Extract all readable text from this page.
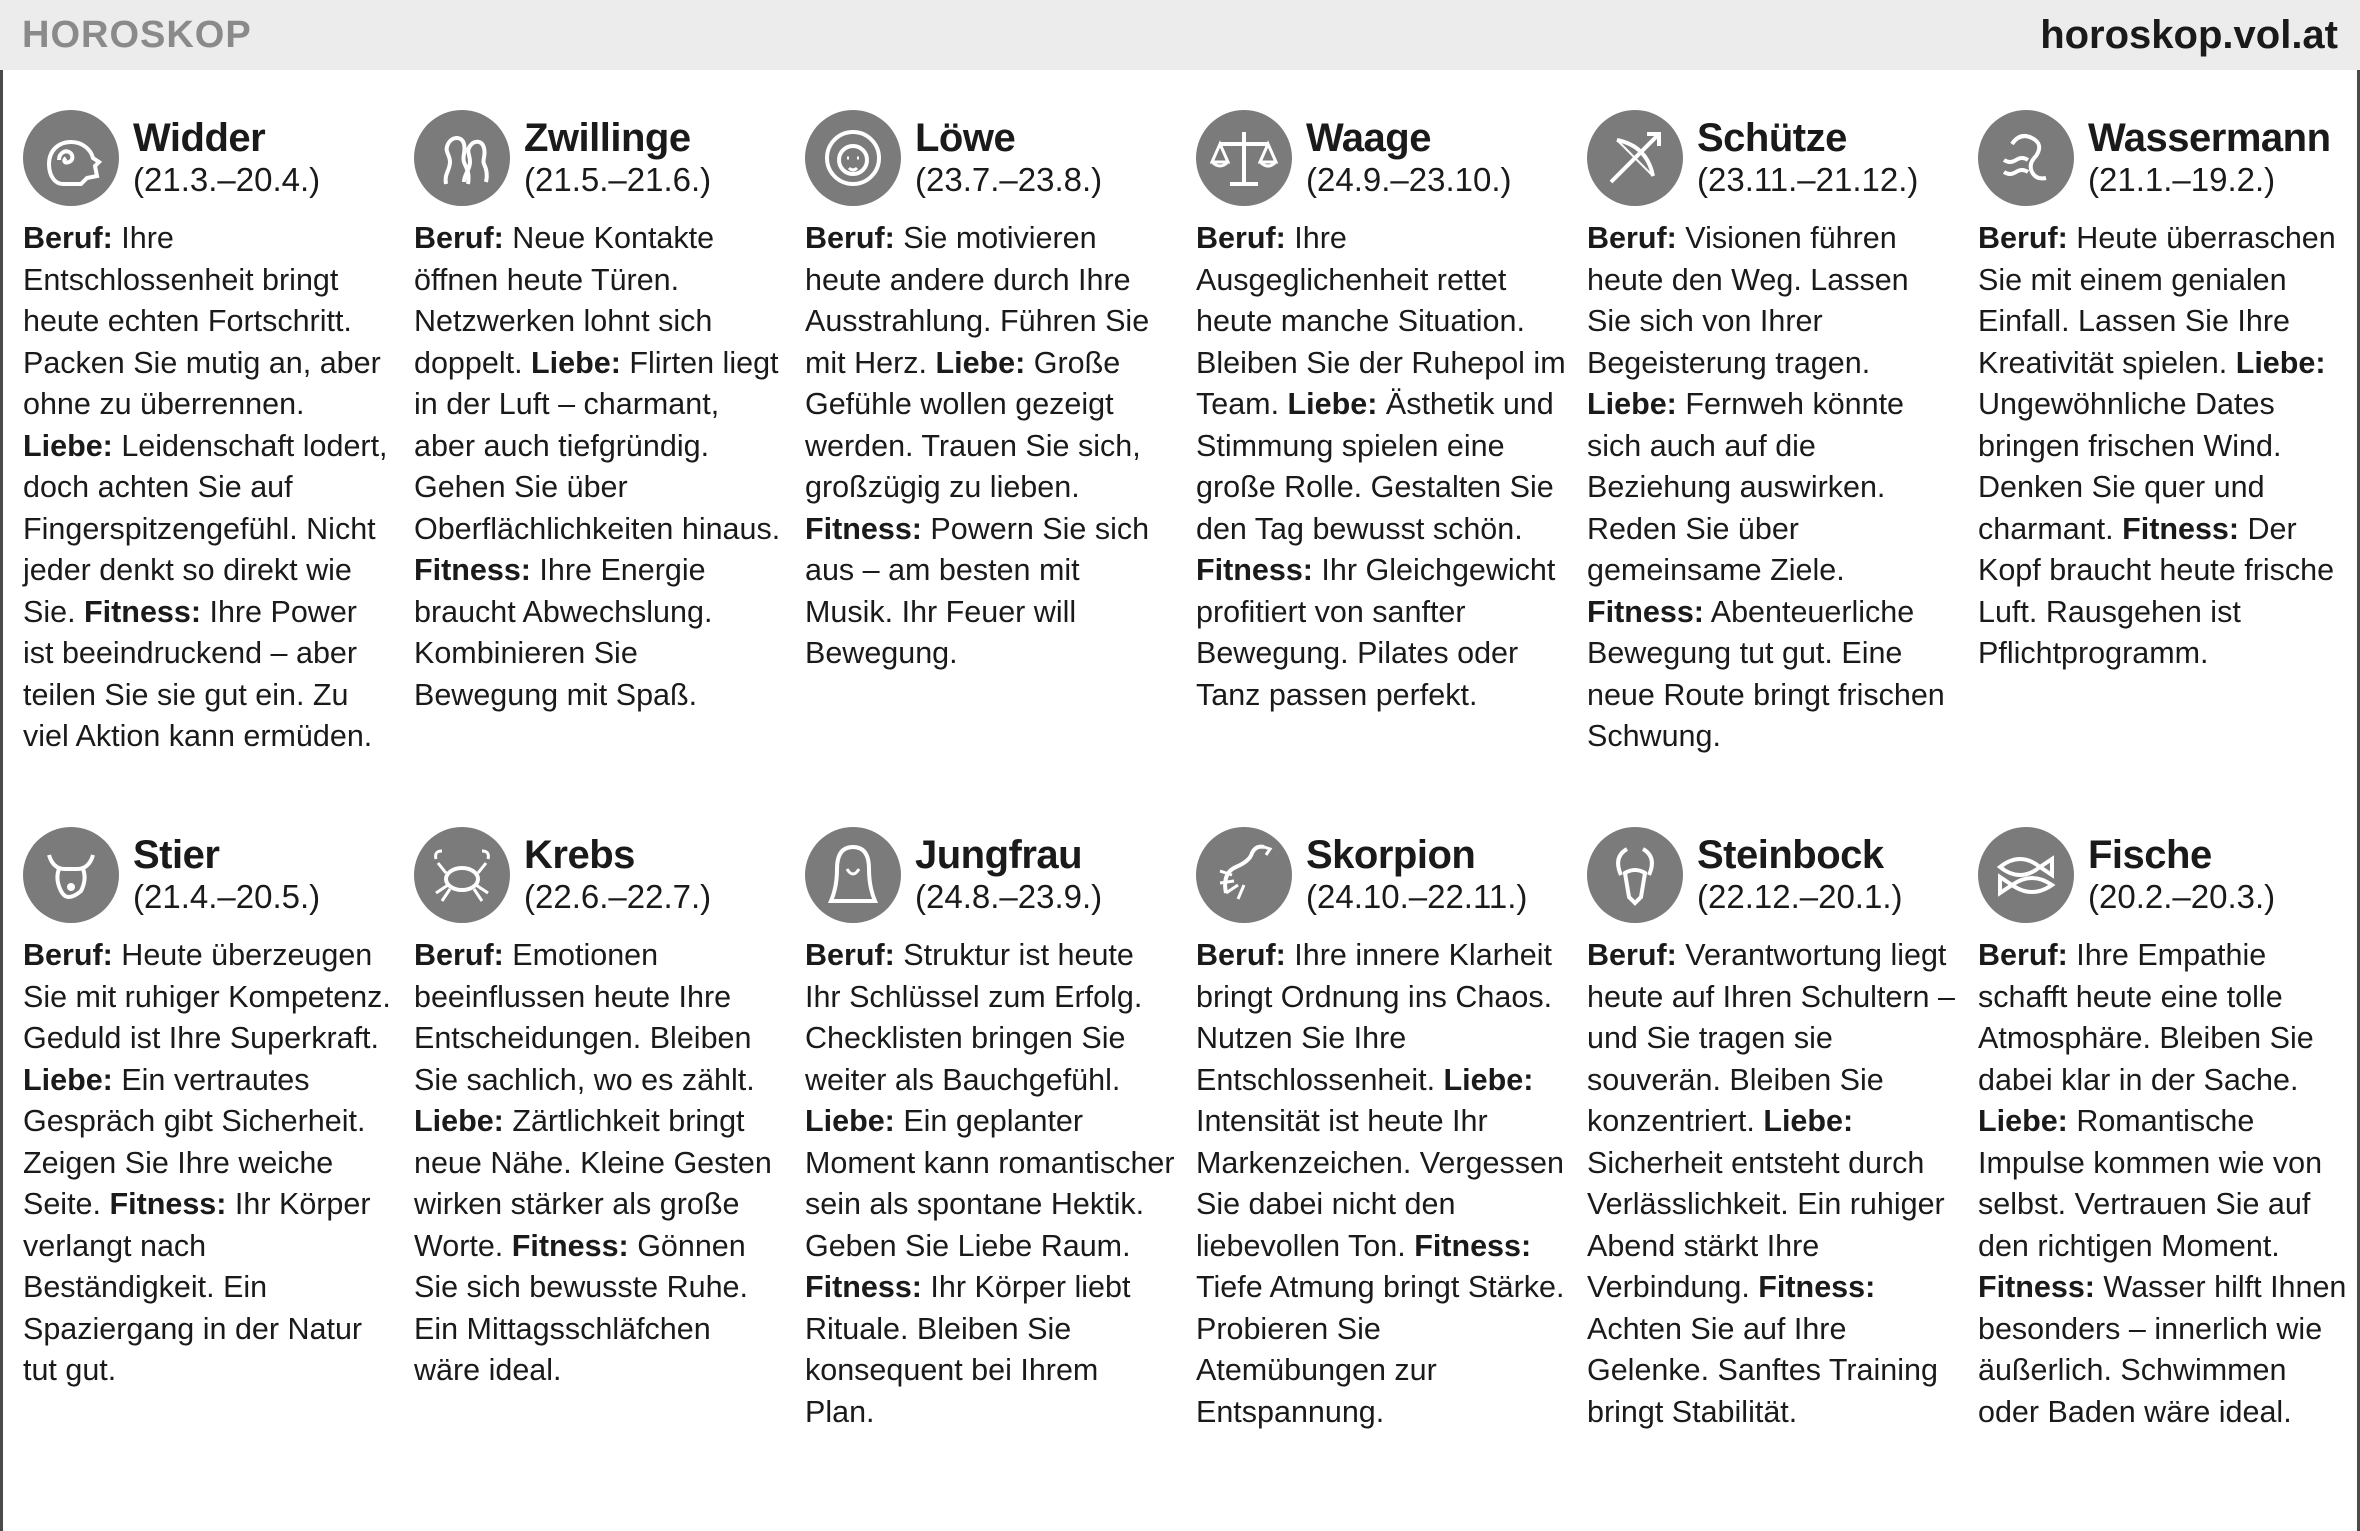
HOROSKOP	horoskop.vol.at
Widder
(21.3.–20.4.)

Beruf: Ihre Entschlossenheit bringt heute echten Fortschritt. Packen Sie mutig an, aber ohne zu überrennen. Liebe: Leidenschaft lodert, doch achten Sie auf Fingerspitzengefühl. Nicht jeder denkt so direkt wie Sie. Fitness: Ihre Power ist beeindruckend – aber teilen Sie sie gut ein. Zu viel Aktion kann ermüden.

Zwillinge
(21.5.–21.6.)

Beruf: Neue Kontakte öffnen heute Türen. Netzwerken lohnt sich doppelt. Liebe: Flirten liegt in der Luft – charmant, aber auch tiefgründig. Gehen Sie über Oberflächlichkeiten hinaus. Fitness: Ihre Energie braucht Abwechslung. Kombinieren Sie Bewegung mit Spaß.

Löwe
(23.7.–23.8.)

Beruf: Sie motivieren heute andere durch Ihre Ausstrahlung. Führen Sie mit Herz. Liebe: Große Gefühle wollen gezeigt werden. Trauen Sie sich, großzügig zu lieben. Fitness: Powern Sie sich aus – am besten mit Musik. Ihr Feuer will Bewegung.

Waage
(24.9.–23.10.)

Beruf: Ihre Ausgeglichenheit rettet heute manche Situation. Bleiben Sie der Ruhepol im Team. Liebe: Ästhetik und Stimmung spielen eine große Rolle. Gestalten Sie den Tag bewusst schön. Fitness: Ihr Gleichgewicht profitiert von sanfter Bewegung. Pilates oder Tanz passen perfekt.

Schütze
(23.11.–21.12.)

Beruf: Visionen führen heute den Weg. Lassen Sie sich von Ihrer Begeisterung tragen. Liebe: Fernweh könnte sich auch auf die Beziehung auswirken. Reden Sie über gemeinsame Ziele. Fitness: Abenteuerliche Bewegung tut gut. Eine neue Route bringt frischen Schwung.

Wassermann
(21.1.–19.2.)

Beruf: Heute überraschen Sie mit einem genialen Einfall. Lassen Sie Ihre Kreativität spielen. Liebe: Ungewöhnliche Dates bringen frischen Wind. Denken Sie quer und charmant. Fitness: Der Kopf braucht heute frische Luft. Rausgehen ist Pflichtprogramm.

Stier
(21.4.–20.5.)

Beruf: Heute überzeugen Sie mit ruhiger Kompetenz. Geduld ist Ihre Superkraft. Liebe: Ein vertrautes Gespräch gibt Sicherheit. Zeigen Sie Ihre weiche Seite. Fitness: Ihr Körper verlangt nach Beständigkeit. Ein Spaziergang in der Natur tut gut.

Krebs
(22.6.–22.7.)

Beruf: Emotionen beeinflussen heute Ihre Entscheidungen. Bleiben Sie sachlich, wo es zählt. Liebe: Zärtlichkeit bringt neue Nähe. Kleine Gesten wirken stärker als große Worte. Fitness: Gönnen Sie sich bewusste Ruhe. Ein Mittagsschläfchen wäre ideal.

Jungfrau
(24.8.–23.9.)

Beruf: Struktur ist heute Ihr Schlüssel zum Erfolg. Checklisten bringen Sie weiter als Bauchgefühl. Liebe: Ein geplanter Moment kann romantischer sein als spontane Hektik. Geben Sie Liebe Raum. Fitness: Ihr Körper liebt Rituale. Bleiben Sie konsequent bei Ihrem Plan.

Skorpion
(24.10.–22.11.)

Beruf: Ihre innere Klarheit bringt Ordnung ins Chaos. Nutzen Sie Ihre Entschlossenheit. Liebe: Intensität ist heute Ihr Markenzeichen. Vergessen Sie dabei nicht den liebevollen Ton. Fitness: Tiefe Atmung bringt Stärke. Probieren Sie Atemübungen zur Entspannung.

Steinbock
(22.12.–20.1.)

Beruf: Verantwortung liegt heute auf Ihren Schultern – und Sie tragen sie souverän. Bleiben Sie konzentriert. Liebe: Sicherheit entsteht durch Verlässlichkeit. Ein ruhiger Abend stärkt Ihre Verbindung. Fitness: Achten Sie auf Ihre Gelenke. Sanftes Training bringt Stabilität.

Fische
(20.2.–20.3.)

Beruf: Ihre Empathie schafft heute eine tolle Atmosphäre. Bleiben Sie dabei klar in der Sache. Liebe: Romantische Impulse kommen wie von selbst. Vertrauen Sie auf den richtigen Moment. Fitness: Wasser hilft Ihnen besonders – innerlich wie äußerlich. Schwimmen oder Baden wäre ideal.
